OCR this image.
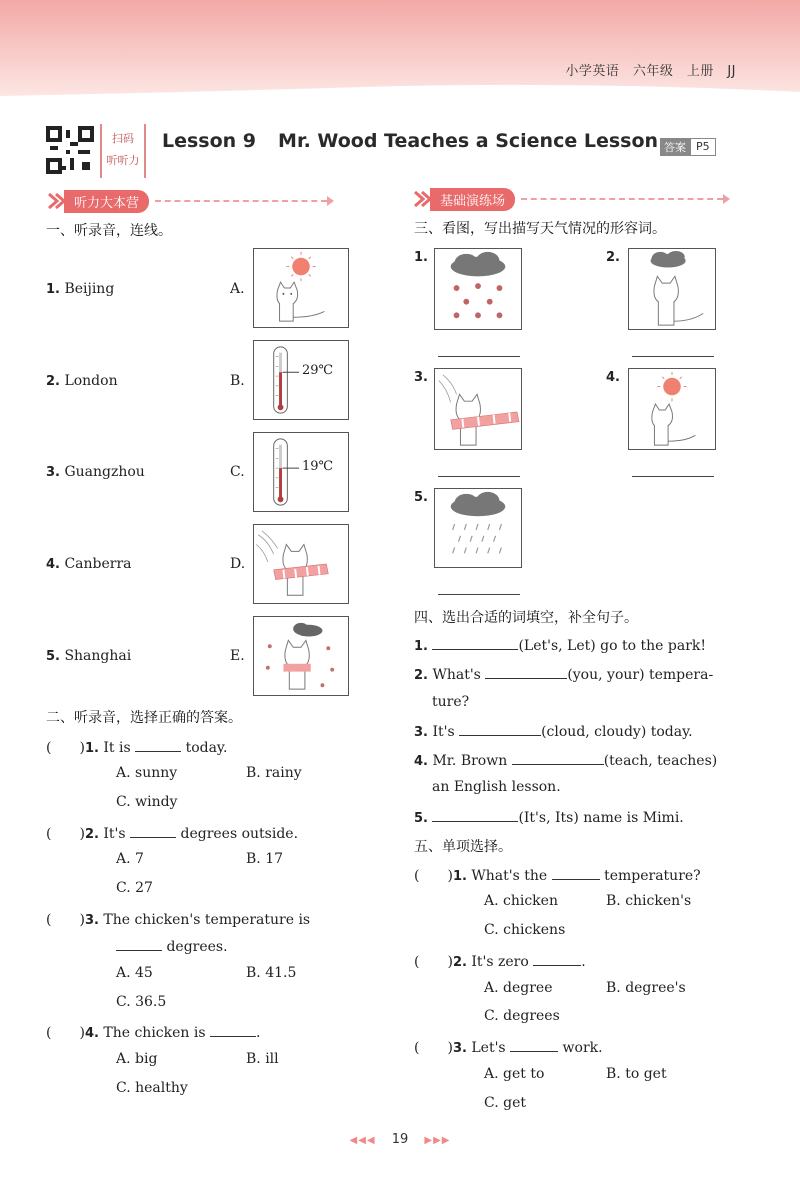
小学英语　六年级　上册　JJ
扫码
听听力
Lesson 9 Mr. Wood Teaches a Science Lesson 答案 P5
听力大本营	基础演练场
一、听录音，连线。
1. Beijing	A.
2. London	B.
3. Guangzhou	C.
4. Canberra	D.
5. Shanghai	E.
29℃
19℃
二、听录音，选择正确的答案。
(　　)1. It is	today.
A. sunny	B. rainy
C. windy
(　　)2. It's	degrees outside.
A. 7	B. 17
C. 27
(　　)3. The chicken's temperature is
degrees.
A. 45	B. 41.5
C. 36.5
(　　)4. The chicken is	.
A. big	B. ill
C. healthy
三、看图，写出描写天气情况的形容词。
1.	2.
3.	4.
5.
四、选出合适的词填空，补全句子。
1.	(Let's, Let) go to the park!
2. What's	(you, your) tempera-
ture?
3. It's	(cloud, cloudy) today.
4. Mr. Brown	(teach, teaches)
an English lesson.
5.	(It's, Its) name is Mimi.
五、单项选择。
(　　)1. What's the	temperature?
A. chicken	B. chicken's
C. chickens
(　　)2. It's zero	.
A. degree	B. degree's
C. degrees
(　　)3. Let's	work.
A. get to	B. to get
C. get
◀◀◀ 19 ▶▶▶
